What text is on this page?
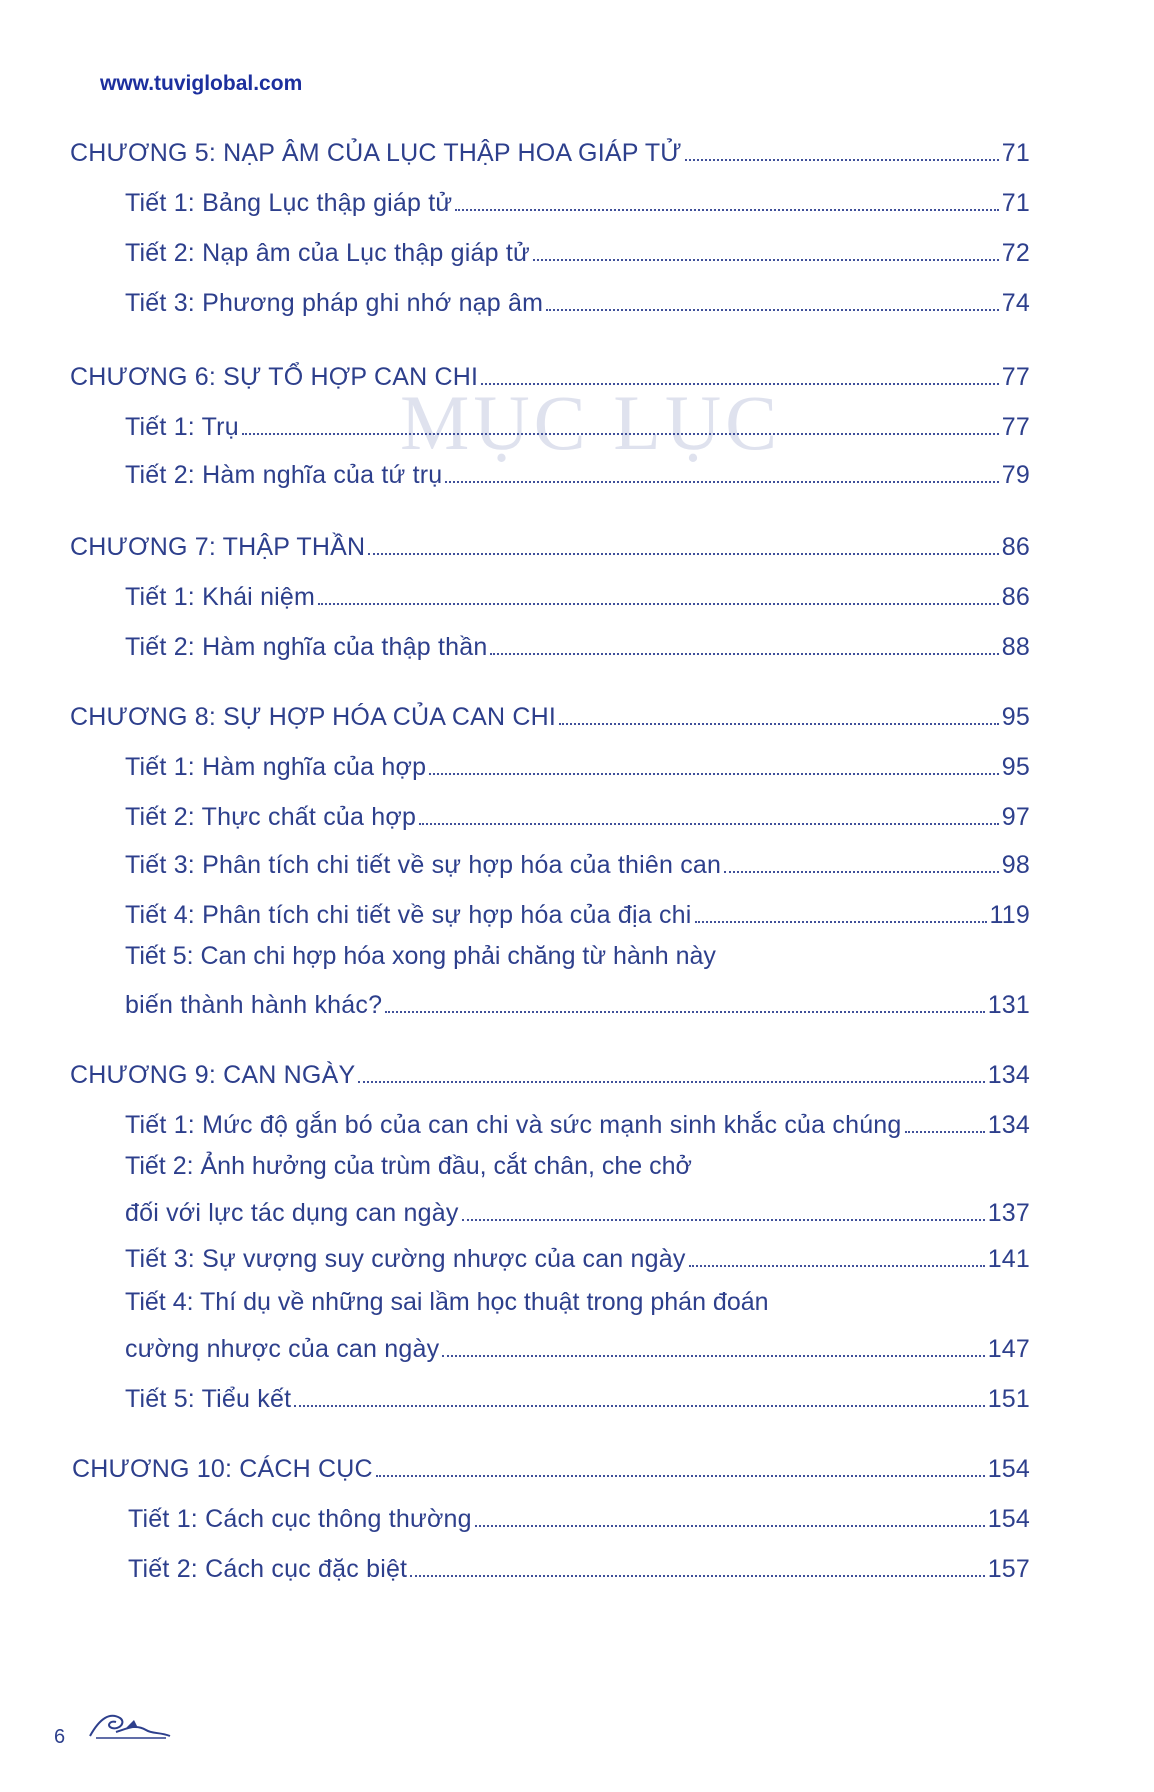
www.tuviglobal.com
MỤC LỤC
CHƯƠNG 5: NẠP ÂM CỦA LỤC THẬP HOA GIÁP TỬ	71
Tiết 1: Bảng Lục thập giáp tử	71
Tiết 2: Nạp âm của Lục thập giáp tử	72
Tiết 3: Phương pháp ghi nhớ nạp âm	74
CHƯƠNG 6: SỰ TỔ HỢP CAN CHI	77
Tiết 1: Trụ	77
Tiết 2: Hàm nghĩa của tứ trụ	79
CHƯƠNG 7: THẬP THẦN	86
Tiết 1: Khái niệm	86
Tiết 2: Hàm nghĩa của thập thần	88
CHƯƠNG 8: SỰ HỢP HÓA CỦA CAN CHI	95
Tiết 1: Hàm nghĩa của hợp	95
Tiết 2: Thực chất của hợp	97
Tiết 3: Phân tích chi tiết về sự hợp hóa của thiên can	98
Tiết 4: Phân tích chi tiết về sự hợp hóa của địa chi	119
Tiết 5: Can chi hợp hóa xong phải chăng từ hành này
biến thành hành khác?	131
CHƯƠNG 9: CAN NGÀY	134
Tiết 1: Mức độ gắn bó của can chi và sức mạnh sinh khắc của chúng	134
Tiết 2: Ảnh hưởng của trùm đầu, cắt chân, che chở
đối với lực tác dụng can ngày	137
Tiết 3: Sự vượng suy cường nhược của can ngày	141
Tiết 4: Thí dụ về những sai lầm học thuật trong phán đoán
cường nhược của can ngày	147
Tiết 5: Tiểu kết	151
CHƯƠNG 10: CÁCH CỤC	154
Tiết 1: Cách cục thông thường	154
Tiết 2: Cách cục đặc biệt	157
6
